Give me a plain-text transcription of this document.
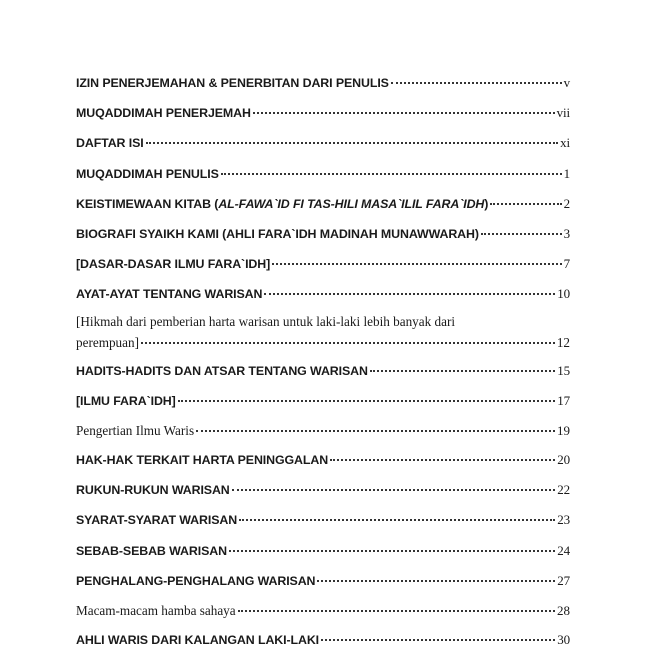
IZIN PENERJEMAHAN & PENERBITAN DARI PENULIS	v
MUQADDIMAH PENERJEMAH	vii
DAFTAR ISI	xi
MUQADDIMAH PENULIS	1
KEISTIMEWAAN KITAB (AL-FAWA`ID FI TAS-HILI MASA`ILIL FARA`IDH)	2
BIOGRAFI SYAIKH KAMI (AHLI FARA`IDH MADINAH MUNAWWARAH)	3
[DASAR-DASAR ILMU FARA`IDH]	7
AYAT-AYAT TENTANG WARISAN	10
[Hikmah dari pemberian harta warisan untuk laki-laki lebih banyak dari
perempuan]	12
HADITS-HADITS DAN ATSAR TENTANG WARISAN	15
[ILMU FARA`IDH]	17
Pengertian Ilmu Waris	19
HAK-HAK TERKAIT HARTA PENINGGALAN	20
RUKUN-RUKUN WARISAN	22
SYARAT-SYARAT WARISAN	23
SEBAB-SEBAB WARISAN	24
PENGHALANG-PENGHALANG WARISAN	27
Macam-macam hamba sahaya	28
AHLI WARIS DARI KALANGAN LAKI-LAKI	30
